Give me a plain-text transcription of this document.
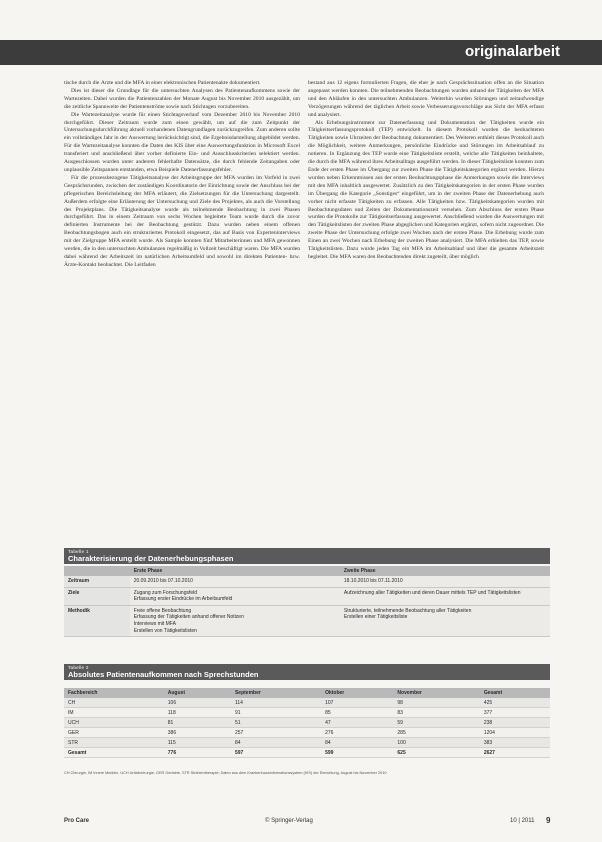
originalarbeit

tische durch die Ärzte und die MFA in einer elektronischen Patientenakte dokumentiert.

Dies ist dieser die Grundlage für die untersuchten Analysen des Patientenaufkommens sowie der Wartezeiten. Dabei wurden die Patientenzahlen der Monate August bis November 2010 ausgezählt, um die zeitliche Spannweite der Patientenströme sowie nach Stichtagen vorzubereiten.

Die Wartezeitanalyse wurde für einen Stichtagsverlauf vom Dezember 2010 bis November 2010 durchgeführt. Dieser Zeitraum wurde zum einen gewählt, um auf die zum Zeitpunkt der Untersuchungsdurchführung aktuell vorhandenen Datengrundlagen zurückzugreifen. Zum anderen sollte ein vollständiges Jahr in der Auswertung berücksichtigt sind, die Ergebnisdarstellung abgebildet werden. Für die Wartezeitanalyse konnten die Daten des KIS über eine Auswertungsfunktion in Microsoft Excel transferiert und anschließend über vorher definierte Ein- und Ausschlusskriterien selektiert werden. Ausgeschlossen wurden unter anderem fehlerhafte Datensätze, die durch fehlende Zeitangaben oder unplausible Zeitspannen entstanden, etwa Beispiele Datenerfassungsfehler.

Für die prozessbezogene Tätigkeitsanalyse der Arbeitsgruppe der MFA wurden im Vorfeld in zwei Gesprächsrunden, zwischen der zuständigen Koordinatorin der Einrichtung sowie der Anschluss bei der pflegerischen Bereichsleitung der MFA erläutert, die Zielsetzungen für die Untersuchung dargestellt. Außerdem erfolgte eine Erläuterung der Untersuchung und Ziele des Projektes, als auch die Vorstellung des Projektplans. Die Tätigkeitsanalyse wurde als teilnehmende Beobachtung in zwei Phasen durchgeführt. Das in einem Zeitraum von sechs Wochen begleitete Team wurde durch die zuvor definierten Instrumente bei der Beobachtung gestützt. Dazu wurden neben einem offenen Beobachtungsbogen auch ein strukturiertes Protokoll eingesetzt, das auf Basis von Experteninterviews mit der Zielgruppe MFA erstellt wurde. Als Sample konnten fünf Mitarbeiterinnen und MFA gewonnen werden, die in den untersuchten Ambulanzen regelmäßig in Vollzeit beschäftigt waren. Die MFA wurden dabei während der Arbeitszeit im natürlichen Arbeitsumfeld und sowohl im direkten Patienten- bzw. Ärzte-Kontakt beobachtet. Die Leitfaden

bestand aus 12 eigens formulierten Fragen, die eher je nach Gesprächssituation offen an die Situation angepasst werden konnten. Die teilnehmenden Beobachtungen wurden anhand der Tätigkeiten der MFA und den Abläufen in den untersuchten Ambulanzen. Weiterhin wurden Störungen und zeitaufwendige Verzögerungen während der täglichen Arbeit sowie Verbesserungsvorschläge aus Sicht der MFA erfasst und analysiert.

Als Erhebungsinstrument zur Datenerfassung und Dokumentation der Tätigkeiten wurde ein Tätigkeitserfassungsprotokoll (TEP) entwickelt. In diesem Protokoll wurden die beobachteten Tätigkeiten sowie Uhrzeiten der Beobachtung dokumentiert. Des Weiteren enthielt dieses Protokoll auch die Möglichkeit, weitere Anmerkungen, persönliche Eindrücke und Störungen im Arbeitsablauf zu notieren. In Ergänzung des TEP wurde eine Tätigkeitsliste erstellt, welche alle Tätigkeiten beinhaltete, die durch die MFA während ihres Arbeitsalltags ausgeführt werden. In dieser Tätigkeitsliste konnten zum Ende der ersten Phase im Übergang zur zweiten Phase die Tätigkeitskategorien ergänzt werden. Hierzu wurden neben Erkenntnissen aus der ersten Beobachtungsphase die Anmerkungen sowie die Interviews mit den MFA inhaltlich ausgewertet. Zusätzlich zu den Tätigkeitskategorien in der ersten Phase wurden im Übergang die Kategorie „Sonstiges“ eingeführt, um in der zweiten Phase der Datenerhebung auch vorher nicht erfasste Tätigkeiten zu erfassen. Alle Tätigkeiten bzw. Tätigkeitskategorien wurden mit Beobachtungsdaten und Zeiten der Dokumentationszeit versehen. Zum Abschluss der ersten Phase wurden die Protokolle zur Tätigkeitserfassung ausgewertet. Anschließend wurden die Auswertungen mit den Tätigkeitslisten der zweiten Phase abgeglichen und Kategorien ergänzt, sofern nicht zugeordnet. Die zweite Phase der Untersuchung erfolgte zwei Wochen nach der ersten Phase. Die Erhebung wurde zum Einen an zwei Wochen nach Erhebung der zweiten Phase analysiert. Die MFA erhielten das TEP, sowie Tätigkeitslisten. Dazu wurde jeden Tag ein MFA im Arbeitsablauf und über die gesamte Arbeitszeit begleitet. Die MFA waren den Beobachtenden direkt zugeteilt, über möglich

Tabelle 1
Charakterisierung der Datenerhebungsphasen
	Erste Phase	Zweite Phase
Zeitraum	20.09.2010 bis 07.10.2010	18.10.2010 bis 07.11.2010

Ziele	Zugang zum Forschungsfeld
Erfassung erster Eindrücke im Arbeitsumfeld	Aufzeichnung aller Tätigkeiten und deren Dauer mittels TEP und Tätigkeitslisten

Methodik	Freie offene Beobachtung
Erfassung der Tätigkeiten anhand offener Notizen
Interviews mit MFA
Erstellen von Tätigkeitslisten	Strukturierte, teilnehmende Beobachtung aller Tätigkeiten
Erstellen einer Tätigkeitsliste
Tabelle 2
Absolutes Patientenaufkommen nach Sprechstunden
Fachbereich	August	September	Oktober	November	Gesamt
CH	106	114	107	98	425
IM	118	91	85	83	377
UCH	81	51	47	59	238
GER	386	257	276	285	1204
STR	115	84	84	100	383
Gesamt	776	597	599	625	2627
CH Chirurgie, IM Innere Medizin, UCH Unfallchirurgie, GER Geriatrie, STR Strahlentherapie; Daten aus dem Krankenhausinformationssystem (KIS) der Einrichtung, August bis November 2010
Pro Care	© Springer-Verlag	10 | 2011 9
